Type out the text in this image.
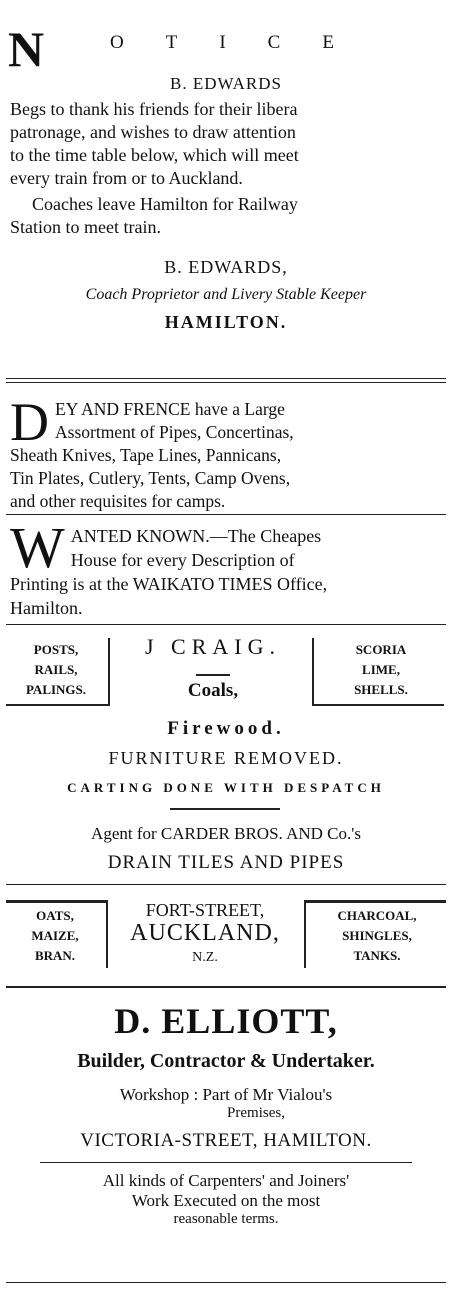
N	OTICE
B. EDWARDS

Begs to thank his friends for their libera

patronage, and wishes to draw attention

to the time table below, which will meet

every train from or to Auckland.

Coaches leave Hamilton for Railway

Station to meet train.

B. EDWARDS,
Coach Proprietor and Livery Stable Keeper
HAMILTON.
D EY AND FRENCE have a Large
Assortment of Pipes, Concertinas,
Sheath Knives, Tape Lines, Pannicans,
Tin Plates, Cutlery, Tents, Camp Ovens,
and other requisites for camps.
W ANTED KNOWN.—The Cheapes
House for every Description of
Printing is at the WAIKATO TIMES Office,
Hamilton.
POSTS,
RAILS,
PALINGS.
J CRAIG.
Coals,
SCORIA
LIME,
SHELLS.
Firewood.
FURNITURE REMOVED.
CARTING DONE WITH DESPATCH
Agent for CARDER BROS. AND Co.'s
DRAIN TILES AND PIPES
OATS,
MAIZE,
BRAN.
FORT-STREET,
AUCKLAND,
N.Z.
CHARCOAL,
SHINGLES,
TANKS.
D. ELLIOTT,
Builder, Contractor & Undertaker.
Workshop : Part of Mr Vialou's
Premises,
VICTORIA-STREET, HAMILTON.
All kinds of Carpenters' and Joiners'
Work Executed on the most
reasonable terms.
